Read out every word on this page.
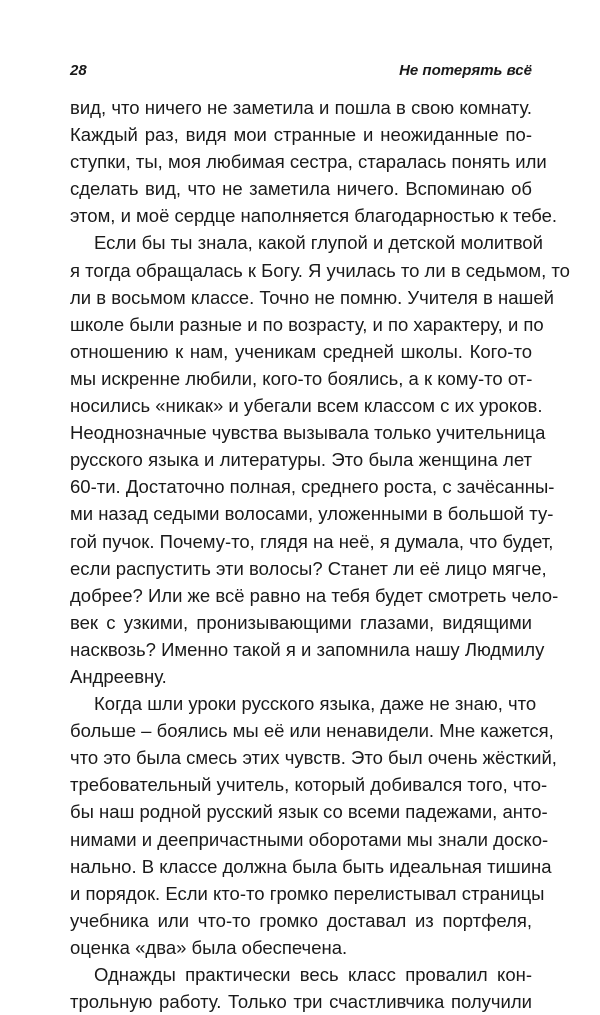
28	Не потерять всё
вид, что ничего не заметила и пошла в свою комнату.
Каждый раз, видя мои странные и неожиданные по-
ступки, ты, моя любимая сестра, старалась понять или
сделать вид, что не заметила ничего. Вспоминаю об
этом, и моё сердце наполняется благодарностью к тебе.
Если бы ты знала, какой глупой и детской молитвой
я тогда обращалась к Богу. Я училась то ли в седьмом, то
ли в восьмом классе. Точно не помню. Учителя в нашей
школе были разные и по возрасту, и по характеру, и по
отношению к нам, ученикам средней школы. Кого-то
мы искренне любили, кого-то боялись, а к кому-то от-
носились «никак» и убегали всем классом с их уроков.
Неоднозначные чувства вызывала только учительница
русского языка и литературы. Это была женщина лет
60-ти. Достаточно полная, среднего роста, с зачёсанны-
ми назад седыми волосами, уложенными в большой ту-
гой пучок. Почему-то, глядя на неё, я думала, что будет,
если распустить эти волосы? Станет ли её лицо мягче,
добрее? Или же всё равно на тебя будет смотреть чело-
век с узкими, пронизывающими глазами, видящими
насквозь? Именно такой я и запомнила нашу Людмилу
Андреевну.
Когда шли уроки русского языка, даже не знаю, что
больше – боялись мы её или ненавидели. Мне кажется,
что это была смесь этих чувств. Это был очень жёсткий,
требовательный учитель, который добивался того, что-
бы наш родной русский язык со всеми падежами, анто-
нимами и деепричастными оборотами мы знали доско-
нально. В классе должна была быть идеальная тишина
и порядок. Если кто-то громко перелистывал страницы
учебника или что-то громко доставал из портфеля,
оценка «два» была обеспечена.
Однажды практически весь класс провалил кон-
трольную работу. Только три счастливчика получили
